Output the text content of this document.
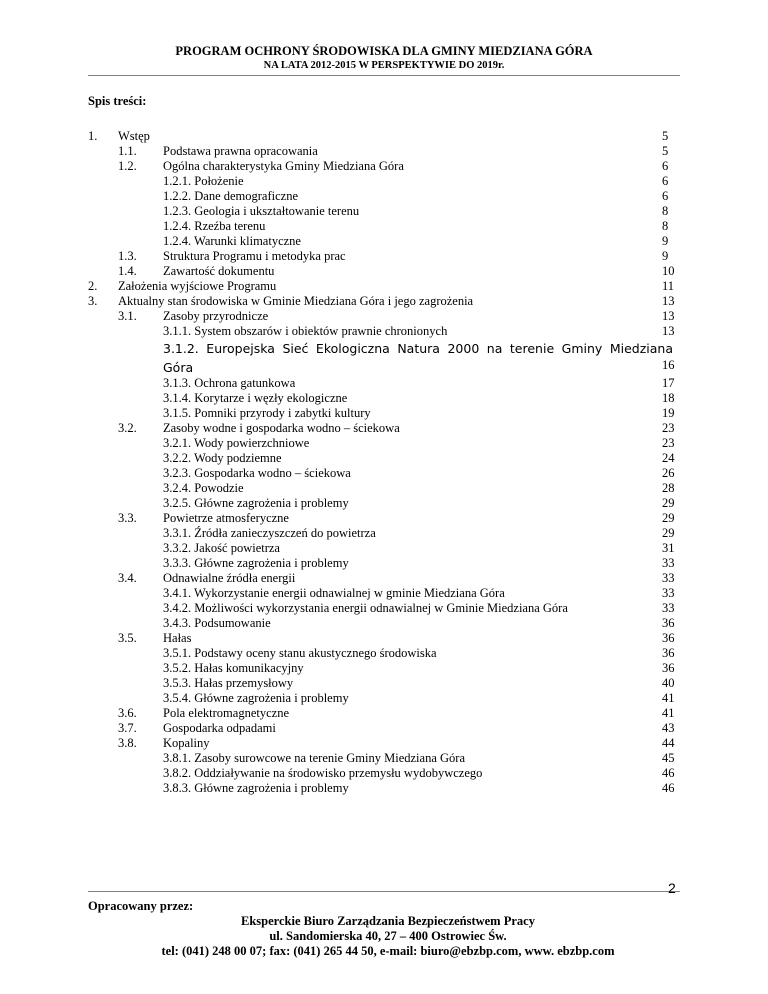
PROGRAM OCHRONY ŚRODOWISKA DLA GMINY MIEDZIANA GÓRA
NA LATA 2012-2015 W PERSPEKTYWIE DO 2019r.
Spis treści:
1. Wstęp	5
1.1. Podstawa prawna opracowania	5
1.2. Ogólna charakterystyka Gminy Miedziana Góra	6
1.2.1. Położenie	6
1.2.2. Dane demograficzne	6
1.2.3. Geologia i ukształtowanie terenu	8
1.2.4. Rzeźba terenu	8
1.2.4. Warunki klimatyczne	9
1.3. Struktura Programu i metodyka prac	9
1.4. Zawartość dokumentu	10
2. Założenia wyjściowe Programu	11
3. Aktualny stan środowiska w Gminie Miedziana Góra i jego zagrożenia	13
3.1. Zasoby przyrodnicze	13
3.1.1. System obszarów i obiektów prawnie chronionych	13
3.1.2. Europejska Sieć Ekologiczna Natura 2000 na terenie Gminy Miedziana Góra	16
3.1.3. Ochrona gatunkowa	17
3.1.4. Korytarze i węzły ekologiczne	18
3.1.5. Pomniki przyrody i zabytki kultury	19
3.2. Zasoby wodne i gospodarka wodno – ściekowa	23
3.2.1. Wody powierzchniowe	23
3.2.2. Wody podziemne	24
3.2.3. Gospodarka wodno – ściekowa	26
3.2.4. Powodzie	28
3.2.5. Główne zagrożenia i problemy	29
3.3. Powietrze atmosferyczne	29
3.3.1. Źródła zanieczyszczeń do powietrza	29
3.3.2. Jakość powietrza	31
3.3.3. Główne zagrożenia i problemy	33
3.4. Odnawialne źródła energii	33
3.4.1. Wykorzystanie energii odnawialnej w gminie Miedziana Góra	33
3.4.2. Możliwości wykorzystania energii odnawialnej w Gminie Miedziana Góra	33
3.4.3. Podsumowanie	36
3.5. Hałas	36
3.5.1. Podstawy oceny stanu akustycznego środowiska	36
3.5.2. Hałas komunikacyjny	36
3.5.3. Hałas przemysłowy	40
3.5.4. Główne zagrożenia i problemy	41
3.6. Pola elektromagnetyczne	41
3.7. Gospodarka odpadami	43
3.8. Kopaliny	44
3.8.1. Zasoby surowcowe na terenie Gminy Miedziana Góra	45
3.8.2. Oddziaływanie na środowisko przemysłu wydobywczego	46
3.8.3. Główne zagrożenia i problemy	46
2
Opracowany przez:
Eksperckie Biuro Zarządzania Bezpieczeństwem Pracy
ul. Sandomierska 40, 27 – 400 Ostrowiec Św.
tel: (041) 248 00 07; fax: (041) 265 44 50, e-mail: biuro@ebzbp.com, www. ebzbp.com
